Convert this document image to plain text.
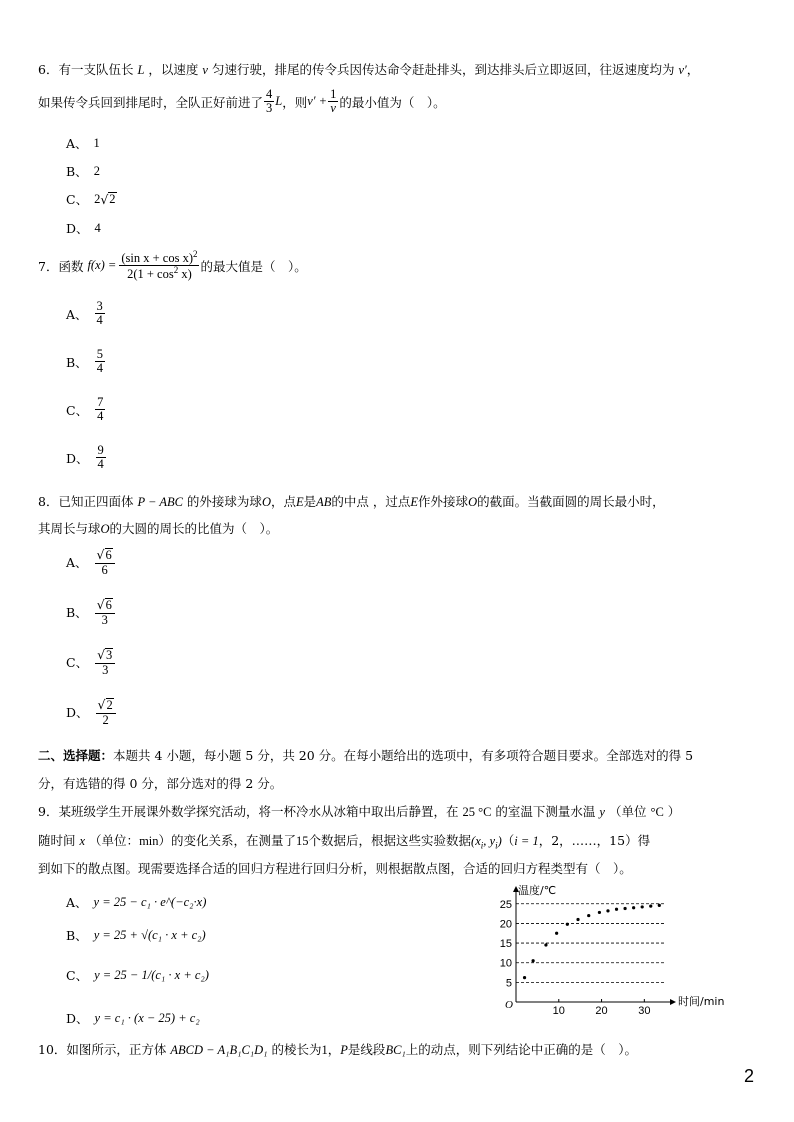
6．有一支队伍长 L ，以速度 v 匀速行驶，排尾的传令兵因传达命令赶赴排头，到达排头后立即返回，往返速度均为 v′，
如果传令兵回到排尾时，全队正好前进了 $\frac{4}{3}$ L ，则 $v' + \frac{1}{v}$ 的最小值为（　）。
A、 1
B、 2
C、 2 √ 2
D、 4
7．函数 $f(x) = \frac{(\sin x + \cos x)^2}{2(1 + \cos^2 x)}$ 的最大值是（　）。
A、 $\frac{3}{4}$
B、 $\frac{5}{4}$
C、 $\frac{7}{4}$
D、 $\frac{9}{4}$
8．已知正四面体 P − ABC 的外接球为球O，点E是AB的中点 ，过点E作外接球O的截面。当截面圆的周长最小时，
其周长与球O的大圆的周长的比值为（　）。
A、 $\frac{√ 6}{6}$
B、 $\frac{√ 6}{3}$
C、 $\frac{√ 3}{3}$
D、 $\frac{√ 2}{2}$
二、选择题：本题共 4 小题，每小题 5 分，共 20 分。在每小题给出的选项中，有多项符合题目要求。全部选对的得 5
分，有选错的得 0 分，部分选对的得 2 分。
9．某班级学生开展课外数学探究活动，将一杯冷水从冰箱中取出后静置，在 25 °C 的室温下测量水温 y （单位 °C ）
随时间 x （单位：min）的变化关系，在测量了15个数据后，根据这些实验数据($x_i$, $y_i)(i = 1$，2，……，15）得
到如下的散点图。现需要选择合适的回归方程进行回归分析，则根据散点图，合适的回归方程类型有（　）。
A、 y = 25 − c₁ · e^(−c₂·x)
B、 y = 25 + √(c₁ · x + c₂)
C、 y = 25 − 1/(c₁ · x + c₂)
D、 y = c₁ · (x − 25) + c₂
温度/℃
时间/min
O
5
10
15
20
25
10	20	30
10．如图所示，正方体 ABCD − A₁B₁C₁D₁ 的棱长为1，P是线段BC₁上的动点，则下列结论中正确的是（　）。
2
